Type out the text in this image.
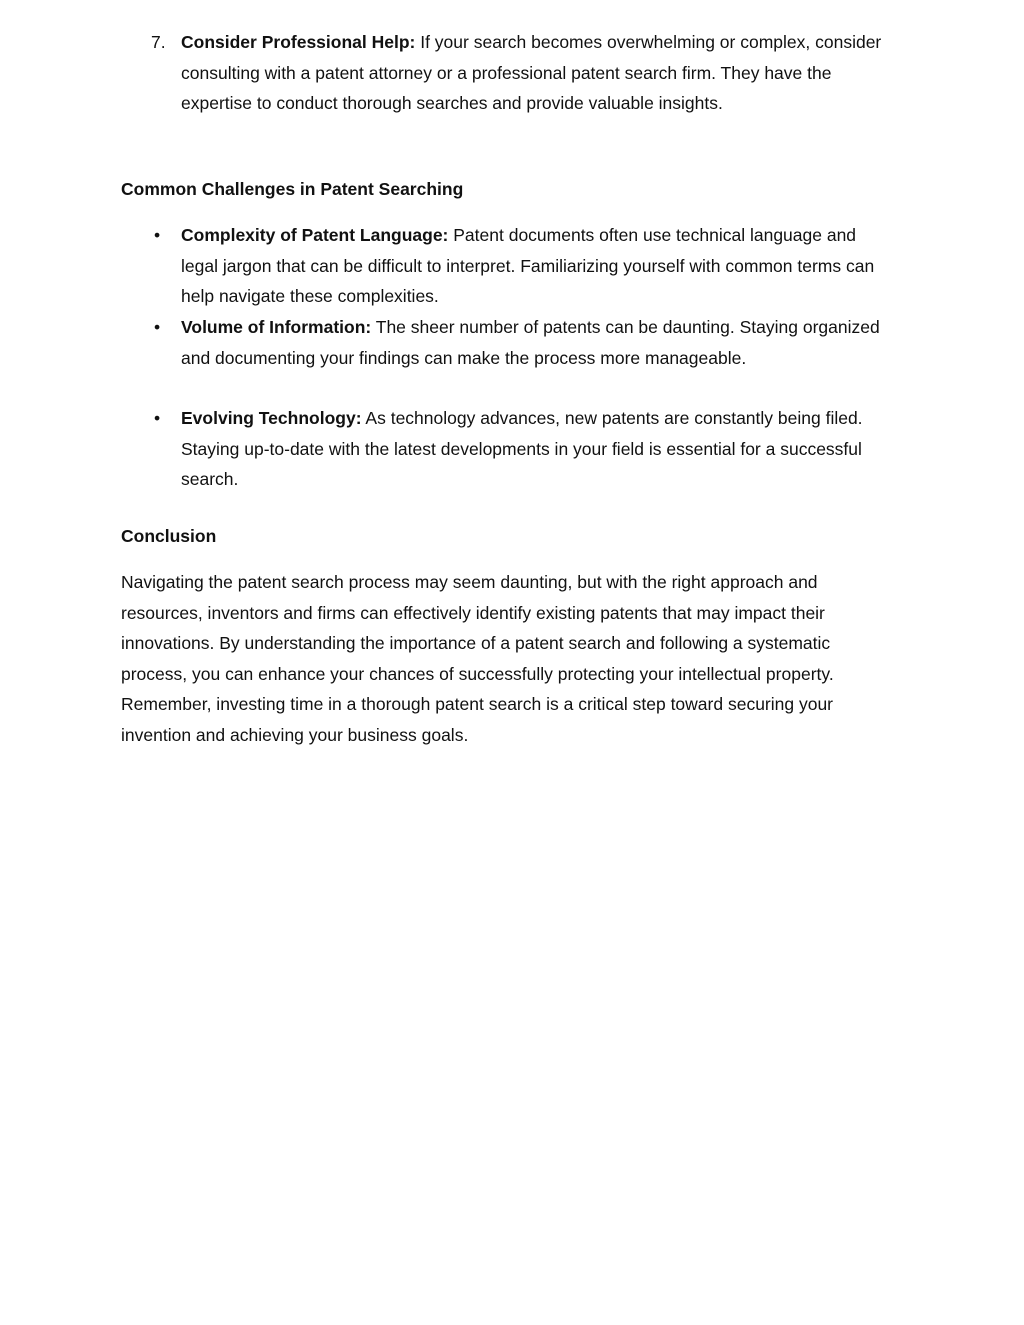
7. Consider Professional Help: If your search becomes overwhelming or complex, consider consulting with a patent attorney or a professional patent search firm. They have the expertise to conduct thorough searches and provide valuable insights.

Common Challenges in Patent Searching
• Complexity of Patent Language: Patent documents often use technical language and legal jargon that can be difficult to interpret. Familiarizing yourself with common terms can help navigate these complexities.

• Volume of Information: The sheer number of patents can be daunting. Staying organized and documenting your findings can make the process more manageable.

• Evolving Technology: As technology advances, new patents are constantly being filed. Staying up-to-date with the latest developments in your field is essential for a successful search.

Conclusion

Navigating the patent search process may seem daunting, but with the right approach and resources, inventors and firms can effectively identify existing patents that may impact their innovations. By understanding the importance of a patent search and following a systematic process, you can enhance your chances of successfully protecting your intellectual property. Remember, investing time in a thorough patent search is a critical step toward securing your invention and achieving your business goals.
